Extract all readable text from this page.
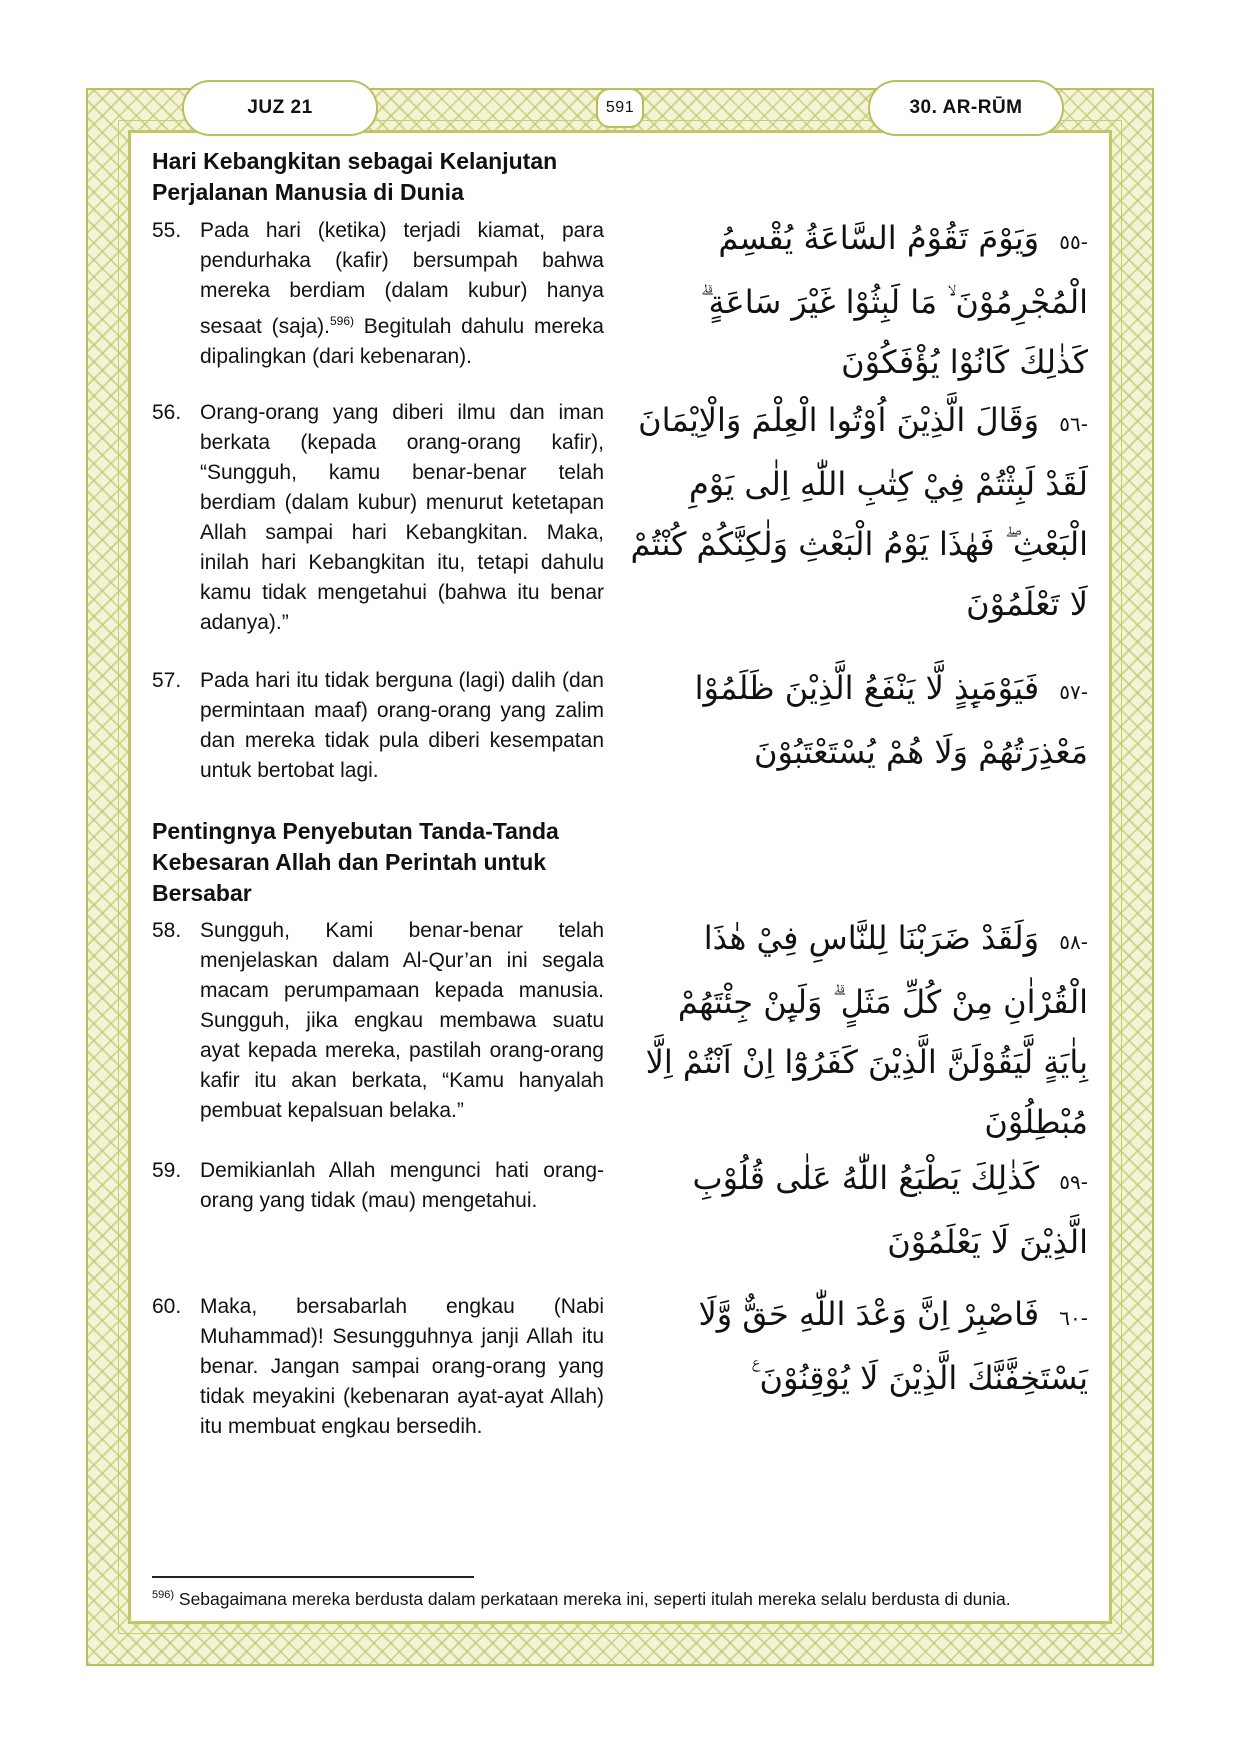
JUZ 21	591	30. AR-RŪM

Hari Kebangkitan sebagai Kelanjutan

Perjalanan Manusia di Dunia

55. Pada hari (ketika) terjadi kiamat, para pendurhaka (kafir) bersumpah bahwa mereka berdiam (dalam kubur) hanya sesaat (saja).$^{596)}$ Begitulah dahulu mereka dipalingkan (dari kebenaran).
-٥٥ وَيَوْمَ تَقُوْمُ السَّاعَةُ يُقْسِمُ الْمُجْرِمُوْنَ ۙ مَا لَبِثُوْا غَيْرَ سَاعَةٍ ۗ كَذٰلِكَ كَانُوْا يُؤْفَكُوْنَ
56. Orang-orang yang diberi ilmu dan iman berkata (kepada orang-orang kafir), “Sungguh, kamu benar-benar telah berdiam (dalam kubur) menurut ketetapan Allah sampai hari Kebangkitan. Maka, inilah hari Kebangkitan itu, tetapi dahulu kamu tidak mengetahui (bahwa itu benar adanya).”
-٥٦ وَقَالَ الَّذِيْنَ اُوْتُوا الْعِلْمَ وَالْاِيْمَانَ لَقَدْ لَبِثْتُمْ فِيْ كِتٰبِ اللّٰهِ اِلٰى يَوْمِ الْبَعْثِ ۖ فَهٰذَا يَوْمُ الْبَعْثِ وَلٰكِنَّكُمْ كُنْتُمْ لَا تَعْلَمُوْنَ
57. Pada hari itu tidak berguna (lagi) dalih (dan permintaan maaf) orang-orang yang zalim dan mereka tidak pula diberi kesempatan untuk bertobat lagi.
-٥٧ فَيَوْمَىِٕذٍ لَّا يَنْفَعُ الَّذِيْنَ ظَلَمُوْا مَعْذِرَتُهُمْ وَلَا هُمْ يُسْتَعْتَبُوْنَ

Pentingnya Penyebutan Tanda-Tanda

Kebesaran Allah dan Perintah untuk

Bersabar

58. Sungguh, Kami benar-benar telah menjelaskan dalam Al-Qur’an ini segala macam perumpamaan kepada manusia. Sungguh, jika engkau membawa suatu ayat kepada mereka, pastilah orang-orang kafir itu akan berkata, “Kamu hanyalah pembuat kepalsuan belaka.”
-٥٨ وَلَقَدْ ضَرَبْنَا لِلنَّاسِ فِيْ هٰذَا الْقُرْاٰنِ مِنْ كُلِّ مَثَلٍ ۗ وَلَىِٕنْ جِئْتَهُمْ بِاٰيَةٍ لَّيَقُوْلَنَّ الَّذِيْنَ كَفَرُوْٓا اِنْ اَنْتُمْ اِلَّا مُبْطِلُوْنَ
59. Demikianlah Allah mengunci hati orang-orang yang tidak (mau) mengetahui.
-٥٩ كَذٰلِكَ يَطْبَعُ اللّٰهُ عَلٰى قُلُوْبِ الَّذِيْنَ لَا يَعْلَمُوْنَ
60. Maka, bersabarlah engkau (Nabi Muhammad)! Sesungguhnya janji Allah itu benar. Jangan sampai orang-orang yang tidak meyakini (kebenaran ayat-ayat Allah) itu membuat engkau bersedih.
-٦٠ فَاصْبِرْ اِنَّ وَعْدَ اللّٰهِ حَقٌّ وَّلَا يَسْتَخِفَّنَّكَ الَّذِيْنَ لَا يُوْقِنُوْنَ ࣖ
$^{596)}$ Sebagaimana mereka berdusta dalam perkataan mereka ini, seperti itulah mereka selalu berdusta di dunia.
